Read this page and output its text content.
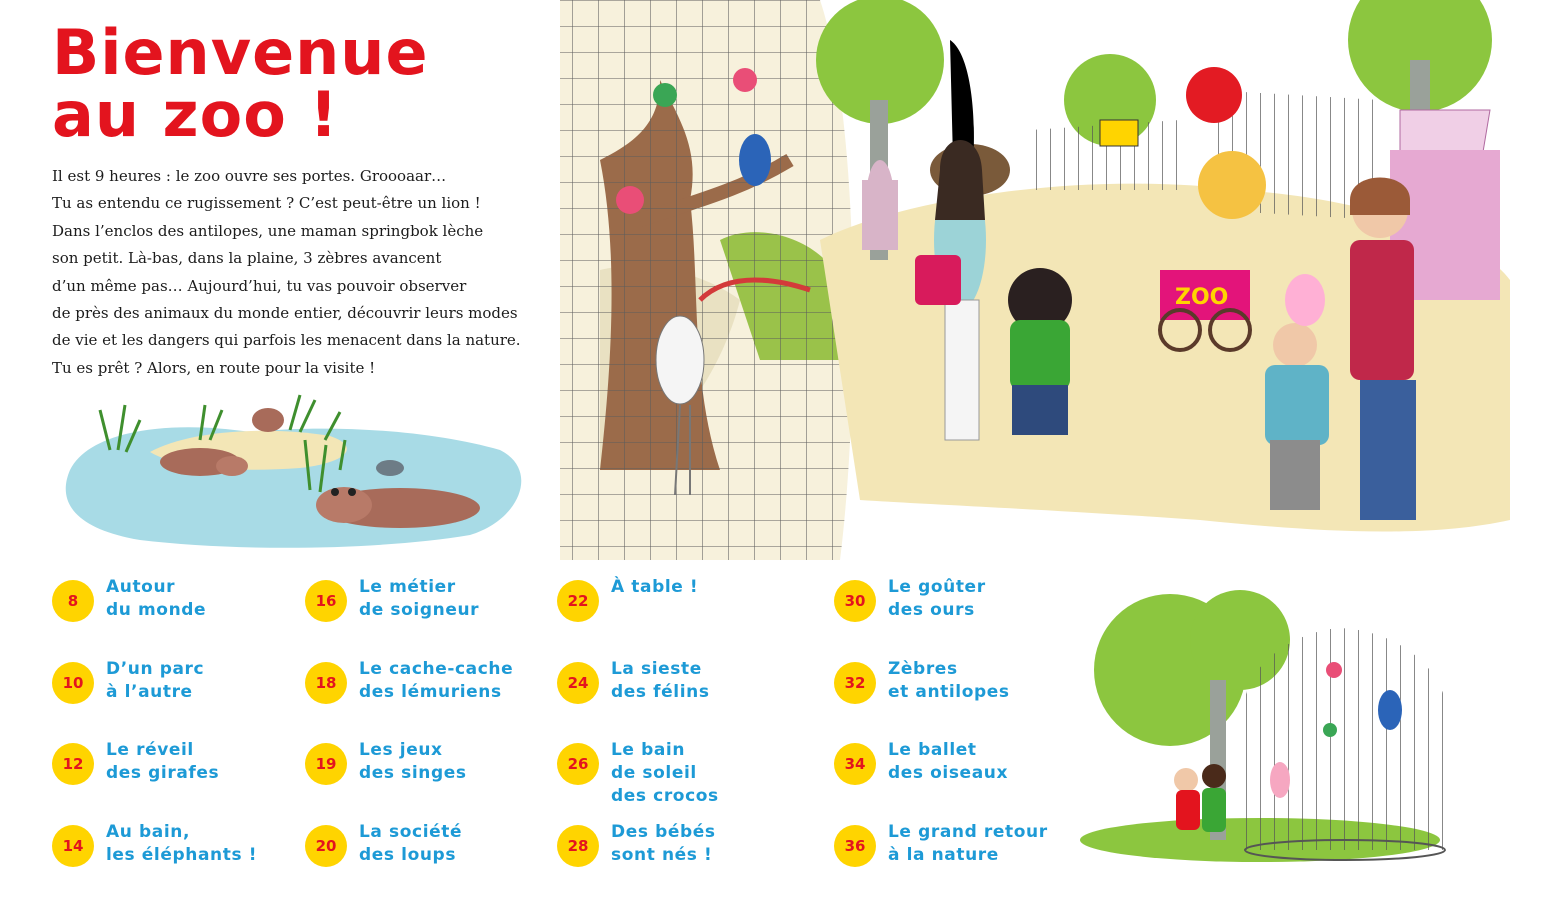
ZOO
Bienvenue
au zoo !
Il est 9 heures : le zoo ouvre ses portes. Groooaar…
Tu as entendu ce rugissement ? C’est peut-être un lion !
Dans l’enclos des antilopes, une maman springbok lèche
son petit. Là-bas, dans la plaine, 3 zèbres avancent
d’un même pas… Aujourd’hui, tu vas pouvoir observer
de près des animaux du monde entier, découvrir leurs modes
de vie et les dangers qui parfois les menacent dans la nature.
Tu es prêt ? Alors, en route pour la visite !
8
Autour
du monde
10
D’un parc
à l’autre
12
Le réveil
des girafes
14
Au bain,
les éléphants !
16
Le métier
de soigneur
18
Le cache-cache
des lémuriens
19
Les jeux
des singes
20
La société
des loups
22
À table !
24
La sieste
des félins
26
Le bain
de soleil
des crocos
28
Des bébés
sont nés !
30
Le goûter
des ours
32
Zèbres
et antilopes
34
Le ballet
des oiseaux
36
Le grand retour
à la nature
